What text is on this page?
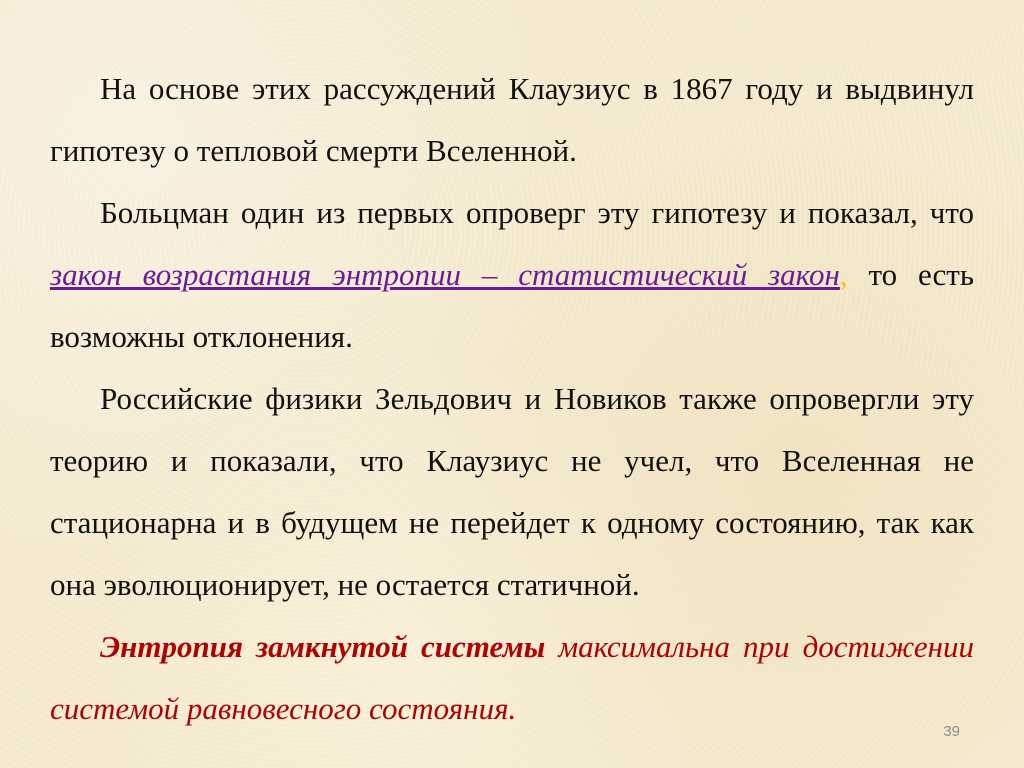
На основе этих рассуждений Клаузиус в 1867 году и выдвинул гипотезу о тепловой смерти Вселенной.

Больцман один из первых опроверг эту гипотезу и показал, что закон возрастания энтропии – статистический закон, то есть возможны отклонения.

Российские физики Зельдович и Новиков также опровергли эту теорию и показали, что Клаузиус не учел, что Вселенная не стационарна и в будущем не перейдет к одному состоянию, так как она эволюционирует, не остается статичной.

Энтропия замкнутой системы максимальна при достижении системой равновесного состояния.

39
